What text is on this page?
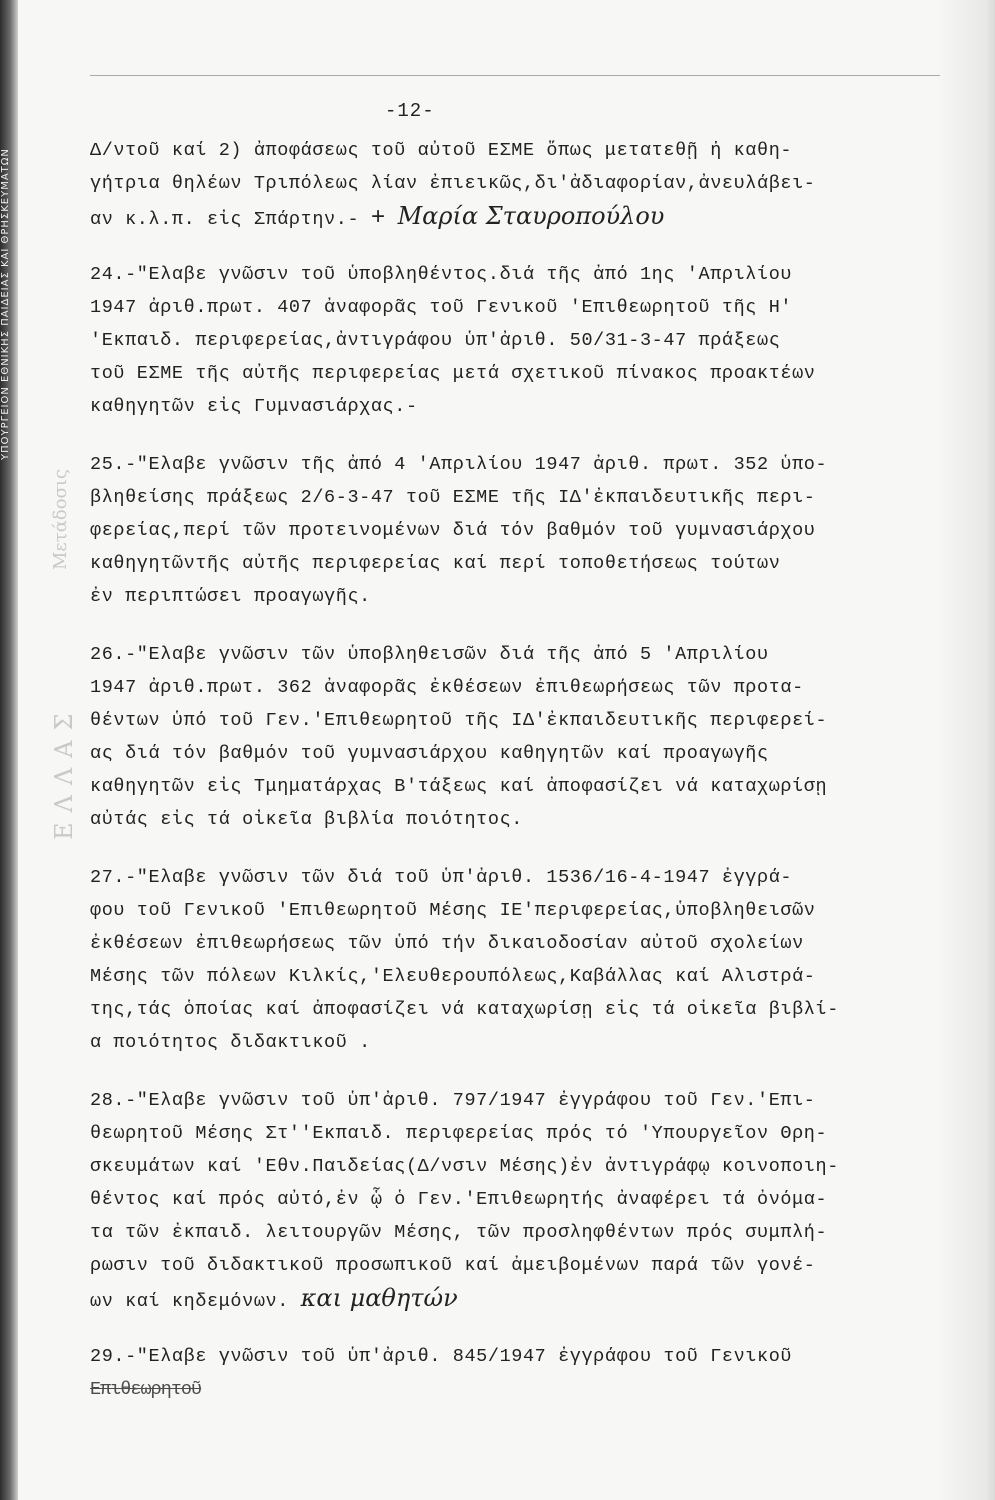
ΥΠΟΥΡΓΕΙΟΝ ΕΘΝΙΚΗΣ ΠΑΙΔΕΙΑΣ ΚΑΙ ΘΡΗΣΚΕΥΜΑΤΩΝ
Μετάδοσις
ΕΛΛΑΣ
-12-
Δ/ντοῦ καί 2) ἀποφάσεως τοῦ αὐτοῦ ΕΣΜΕ ὅπως μετατεθῇ ἡ καθη-
γήτρια θηλέων Τριπόλεως λίαν ἐπιεικῶς,δι'ἀδιαφορίαν,ἀνευλάβει-
αν κ.λ.π. εἰς Σπάρτην.- + Μαρία Σταυροπούλου
24.-"Ελαβε γνῶσιν τοῦ ὑποβληθέντος.διά τῆς ἀπό 1ης 'Απριλίου
1947 ἀριθ.πρωτ. 407 ἀναφορᾶς τοῦ Γενικοῦ 'Επιθεωρητοῦ τῆς Η'
'Εκπαιδ. περιφερείας,ἀντιγράφου ὑπ'ἀριθ. 50/31-3-47 πράξεως
τοῦ ΕΣΜΕ τῆς αὐτῆς περιφερείας μετά σχετικοῦ πίνακος προακτέων
καθηγητῶν εἰς Γυμνασιάρχας.-
25.-"Ελαβε γνῶσιν τῆς ἀπό 4 'Απριλίου 1947 ἀριθ. πρωτ. 352 ὑπο-
βληθείσης πράξεως 2/6-3-47 τοῦ ΕΣΜΕ τῆς ΙΔ'ἐκπαιδευτικῆς περι-
φερείας,περί τῶν προτεινομένων διά τόν βαθμόν τοῦ γυμνασιάρχου
καθηγητῶντῆς αὐτῆς περιφερείας καί περί τοποθετήσεως τούτων
ἐν περιπτώσει προαγωγῆς.
26.-"Ελαβε γνῶσιν τῶν ὑποβληθεισῶν διά τῆς ἀπό 5 'Απριλίου
1947 ἀριθ.πρωτ. 362 ἀναφορᾶς ἐκθέσεων ἐπιθεωρήσεως τῶν προτα-
θέντων ὑπό τοῦ Γεν.'Επιθεωρητοῦ τῆς ΙΔ'ἐκπαιδευτικῆς περιφερεί-
ας διά τόν βαθμόν τοῦ γυμνασιάρχου καθηγητῶν καί προαγωγῆς
καθηγητῶν εἰς Τμηματάρχας Β'τάξεως καί ἀποφασίζει νά καταχωρίσῃ
αὐτάς εἰς τά οἰκεῖα βιβλία ποιότητος.
27.-"Ελαβε γνῶσιν τῶν διά τοῦ ὑπ'ἀριθ. 1536/16-4-1947 ἐγγρά-
φου τοῦ Γενικοῦ 'Επιθεωρητοῦ Μέσης ΙΕ'περιφερείας,ὑποβληθεισῶν
ἐκθέσεων ἐπιθεωρήσεως τῶν ὑπό τήν δικαιοδοσίαν αὐτοῦ σχολείων
Μέσης τῶν πόλεων Κιλκίς,'Ελευθερουπόλεως,Καβάλλας καί Αλιστρά-
της,τάς ὁποίας καί ἀποφασίζει νά καταχωρίσῃ εἰς τά οἰκεῖα βιβλί-
α ποιότητος διδακτικοῦ .
28.-"Ελαβε γνῶσιν τοῦ ὑπ'ἀριθ. 797/1947 ἐγγράφου τοῦ Γεν.'Επι-
θεωρητοῦ Μέσης Στ''Εκπαιδ. περιφερείας πρός τό 'Υπουργεῖον Θρη-
σκευμάτων καί 'Εθν.Παιδείας(Δ/νσιν Μέσης)ἐν ἀντιγράφῳ κοινοποιη-
θέντος καί πρός αὐτό,ἐν ᾧ ὁ Γεν.'Επιθεωρητής ἀναφέρει τά ὀνόμα-
τα τῶν ἐκπαιδ. λειτουργῶν Μέσης, τῶν προσληφθέντων πρός συμπλή-
ρωσιν τοῦ διδακτικοῦ προσωπικοῦ καί ἀμειβομένων παρά τῶν γονέ-
ων καί κηδεμόνων. και μαθητών
29.-"Ελαβε γνῶσιν τοῦ ὑπ'ἀριθ. 845/1947 ἐγγράφου τοῦ Γενικοῦ
Επιθεωρητοῦ
